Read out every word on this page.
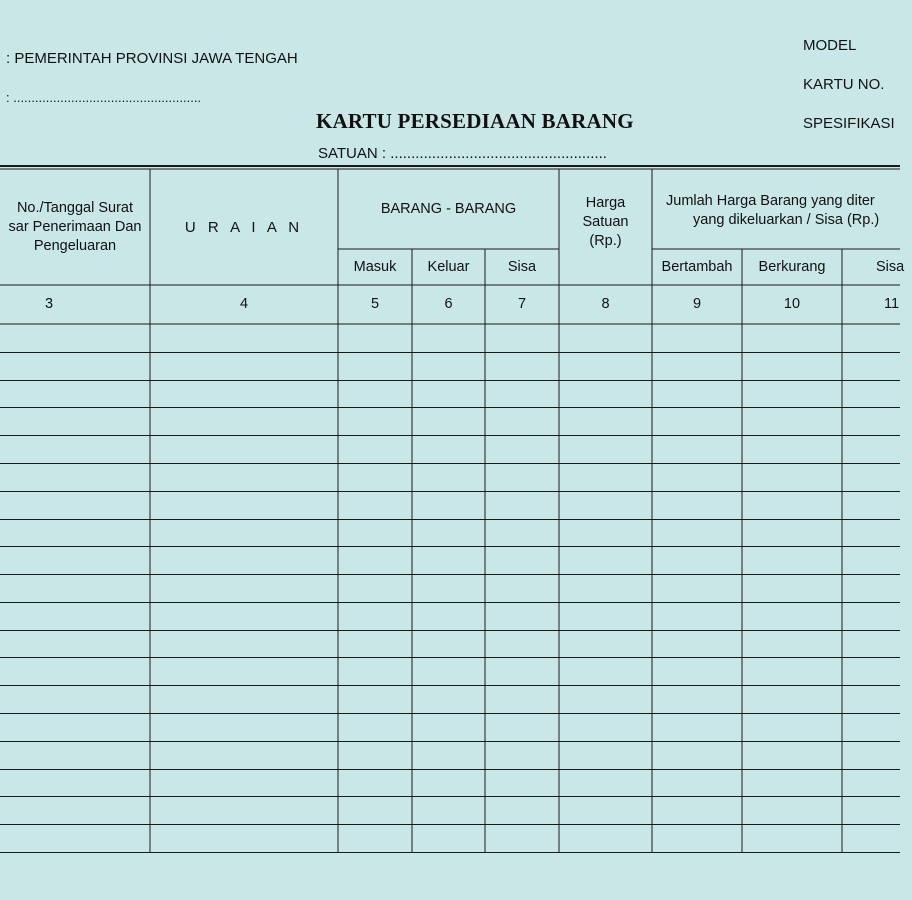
: PEMERINTAH PROVINSI JAWA TENGAH
: ....................................................
KARTU PERSEDIAAN BARANG
SATUAN : ....................................................
MODEL
KARTU NO.
SPESIFIKASI
No./Tanggal Surat
sar Penerimaan Dan
Pengeluaran
U R A I A N
BARANG - BARANG
Masuk	Keluar	Sisa
Harga
Satuan
(Rp.)
Jumlah Harga Barang yang diter
yang dikeluarkan / Sisa (Rp.)
Bertambah	Berkurang	Sisa
3	4	5	6	7	8	9	10	11
